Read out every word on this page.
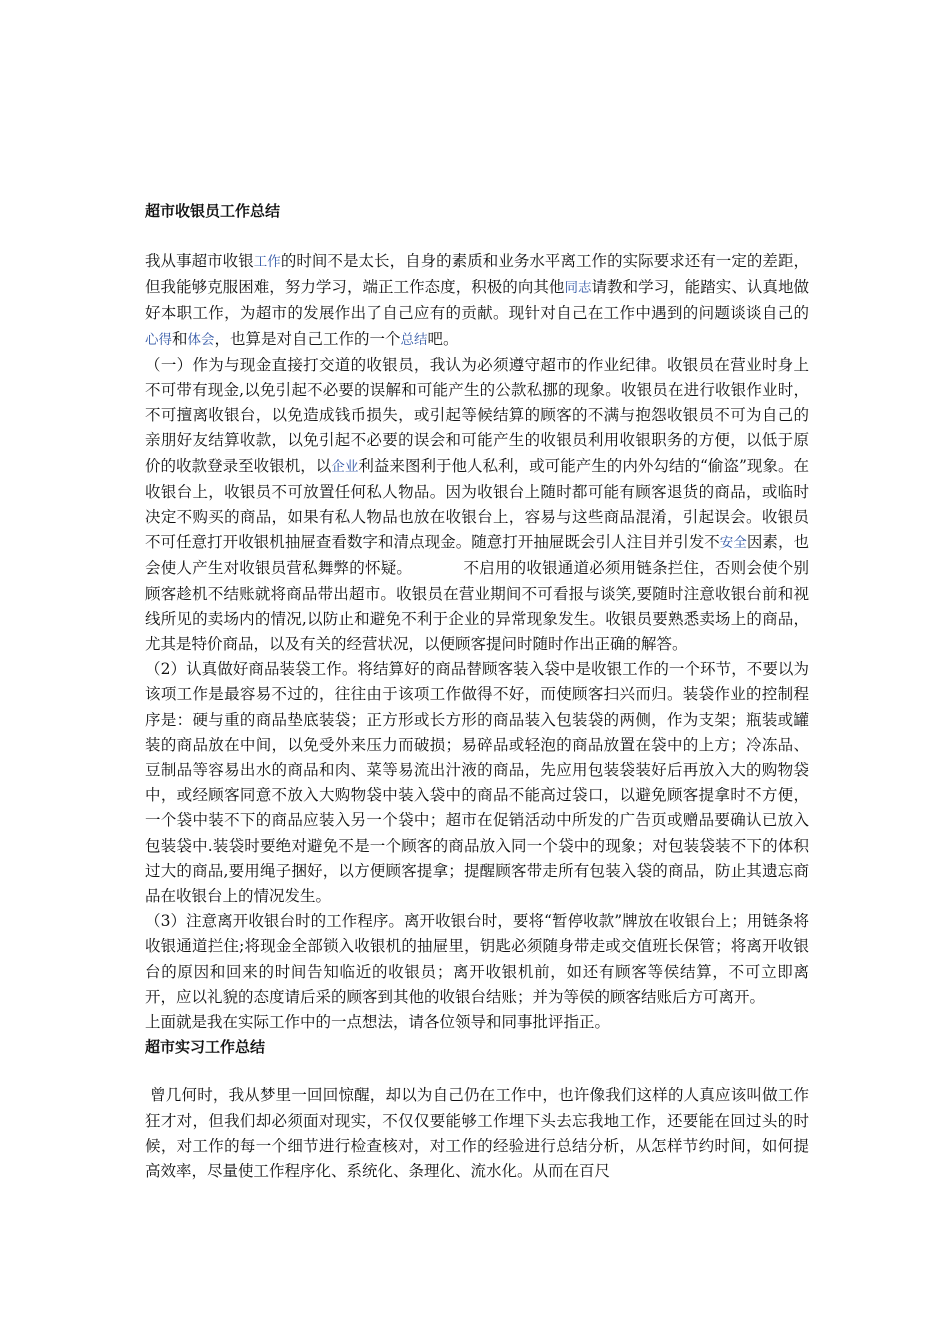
超市收银员工作总结

我从事超市收银工作的时间不是太长，自身的素质和业务水平离工作的实际要求还有一定的差距，但我能够克服困难，努力学习，端正工作态度，积极的向其他同志请教和学习，能踏实、认真地做好本职工作，为超市的发展作出了自己应有的贡献。现针对自己在工作中遇到的问题谈谈自己的心得和体会，也算是对自己工作的一个总结吧。

（一）作为与现金直接打交道的收银员，我认为必须遵守超市的作业纪律。收银员在营业时身上不可带有现金,以免引起不必要的误解和可能产生的公款私挪的现象。收银员在进行收银作业时，不可擅离收银台，以免造成钱币损失，或引起等候结算的顾客的不满与抱怨收银员不可为自己的亲朋好友结算收款，以免引起不必要的误会和可能产生的收银员利用收银职务的方便，以低于原价的收款登录至收银机，以企业利益来图利于他人私利，或可能产生的内外勾结的“偷盗”现象。在收银台上，收银员不可放置任何私人物品。因为收银台上随时都可能有顾客退货的商品，或临时决定不购买的商品，如果有私人物品也放在收银台上，容易与这些商品混淆，引起误会。收银员不可任意打开收银机抽屉查看数字和清点现金。随意打开抽屉既会引人注目并引发不安全因素，也会使人产生对收银员营私舞弊的怀疑。          不启用的收银通道必须用链条拦住，否则会使个别顾客趁机不结账就将商品带出超市。收银员在营业期间不可看报与谈笑,要随时注意收银台前和视线所见的卖场内的情况,以防止和避免不利于企业的异常现象发生。收银员要熟悉卖场上的商品，尤其是特价商品，以及有关的经营状况，以便顾客提问时随时作出正确的解答。

（2）认真做好商品装袋工作。将结算好的商品替顾客装入袋中是收银工作的一个环节，不要以为该项工作是最容易不过的，往往由于该项工作做得不好，而使顾客扫兴而归。装袋作业的控制程序是：硬与重的商品垫底装袋；正方形或长方形的商品装入包装袋的两侧，作为支架；瓶装或罐装的商品放在中间，以免受外来压力而破损；易碎品或轻泡的商品放置在袋中的上方；冷冻品、豆制品等容易出水的商品和肉、菜等易流出汁液的商品，先应用包装袋装好后再放入大的购物袋中，或经顾客同意不放入大购物袋中装入袋中的商品不能高过袋口，以避免顾客提拿时不方便，一个袋中装不下的商品应装入另一个袋中；超市在促销活动中所发的广告页或赠品要确认已放入包装袋中.装袋时要绝对避免不是一个顾客的商品放入同一个袋中的现象；对包装袋装不下的体积过大的商品,要用绳子捆好，以方便顾客提拿；提醒顾客带走所有包装入袋的商品，防止其遗忘商品在收银台上的情况发生。

（3）注意离开收银台时的工作程序。离开收银台时，要将“暂停收款”牌放在收银台上；用链条将收银通道拦住;将现金全部锁入收银机的抽屉里，钥匙必须随身带走或交值班长保管；将离开收银台的原因和回来的时间告知临近的收银员；离开收银机前，如还有顾客等侯结算，不可立即离开，应以礼貌的态度请后采的顾客到其他的收银台结账；并为等侯的顾客结账后方可离开。

上面就是我在实际工作中的一点想法，请各位领导和同事批评指正。

超市实习工作总结

曾几何时，我从梦里一回回惊醒，却以为自己仍在工作中，也许像我们这样的人真应该叫做工作狂才对，但我们却必须面对现实，不仅仅要能够工作埋下头去忘我地工作，还要能在回过头的时候，对工作的每一个细节进行检查核对，对工作的经验进行总结分析，从怎样节约时间，如何提高效率，尽量使工作程序化、系统化、条理化、流水化。从而在百尺
